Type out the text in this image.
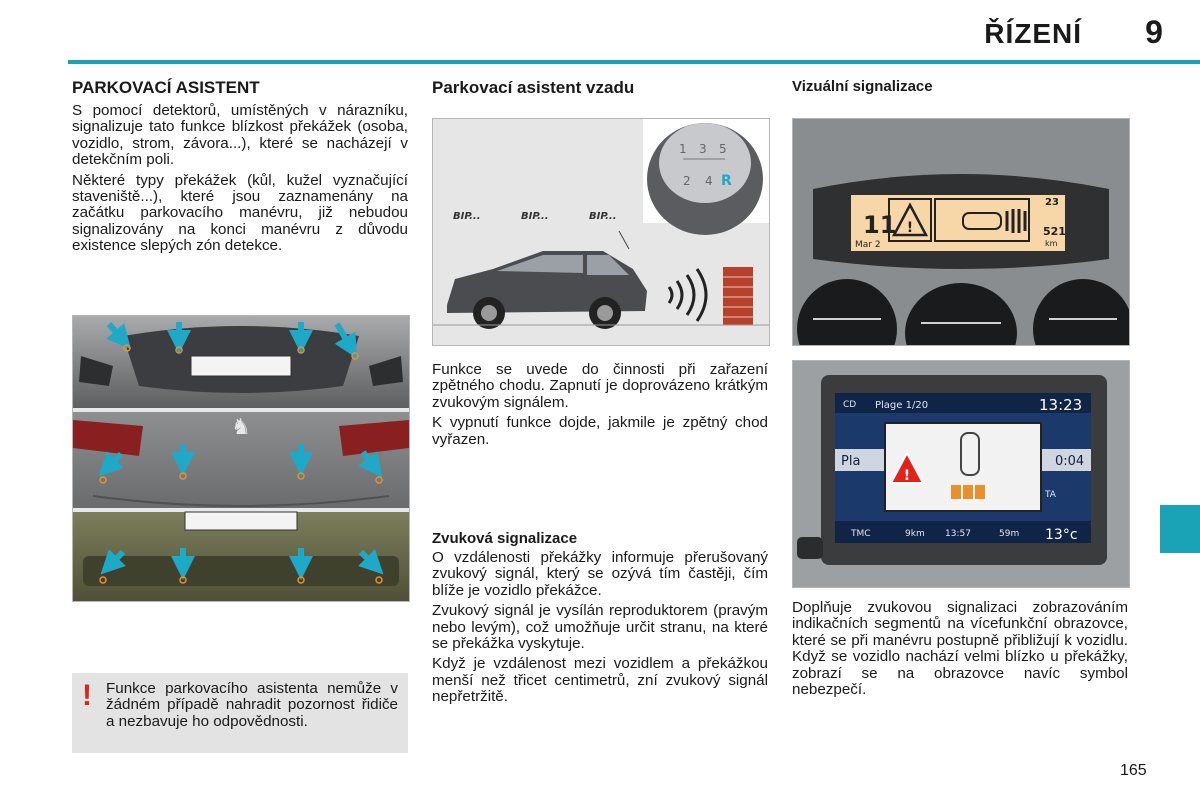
ŘÍZENÍ	9
PARKOVACÍ ASISTENT

S pomocí detektorů, umístěných v nárazníku, signalizuje tato funkce blízkost překážek (osoba, vozidlo, strom, závora...), které se nacházejí v detekčním poli.

Některé typy překážek (kůl, kužel vyznačující staveniště...), které jsou zaznamenány na začátku parkovacího manévru, již nebudou signalizovány na konci manévru z důvodu existence slepých zón detekce.

♞
! Funkce parkovacího asistenta nemůže v žádném případě nahradit pozornost řidiče a nezbavuje ho odpovědnosti.
Parkovací asistent vzadu
1 3 5
2 4 R
BIP...	BIP...	BIP...

Funkce se uvede do činnosti při zařazení zpětného chodu. Zapnutí je doprovázeno krátkým zvukovým signálem.

K vypnutí funkce dojde, jakmile je zpětný chod vyřazen.

Zvuková signalizace

O vzdálenosti překážky informuje přerušovaný zvukový signál, který se ozývá tím častěji, čím blíže je vozidlo překážce.

Zvukový signál je vysílán reproduktorem (pravým nebo levým), což umožňuje určit stranu, na které se překážka vyskytuje.

Když je vzdálenost mezi vozidlem a překážkou menší než třicet centimetrů, zní zvukový signál nepřetržitě.

Vizuální signalizace
11
Mar 2
!
23
521
km
CD Plage 1/20	13:23
Pla	0:04
TA
!
TMC	9km 13:57	59m 13°c
Doplňuje zvukovou signalizaci zobrazováním indikačních segmentů na vícefunkční obrazovce, které se při manévru postupně přibližují k vozidlu. Když se vozidlo nachází velmi blízko u překážky, zobrazí se na obrazovce navíc symbol nebezpečí.
165
